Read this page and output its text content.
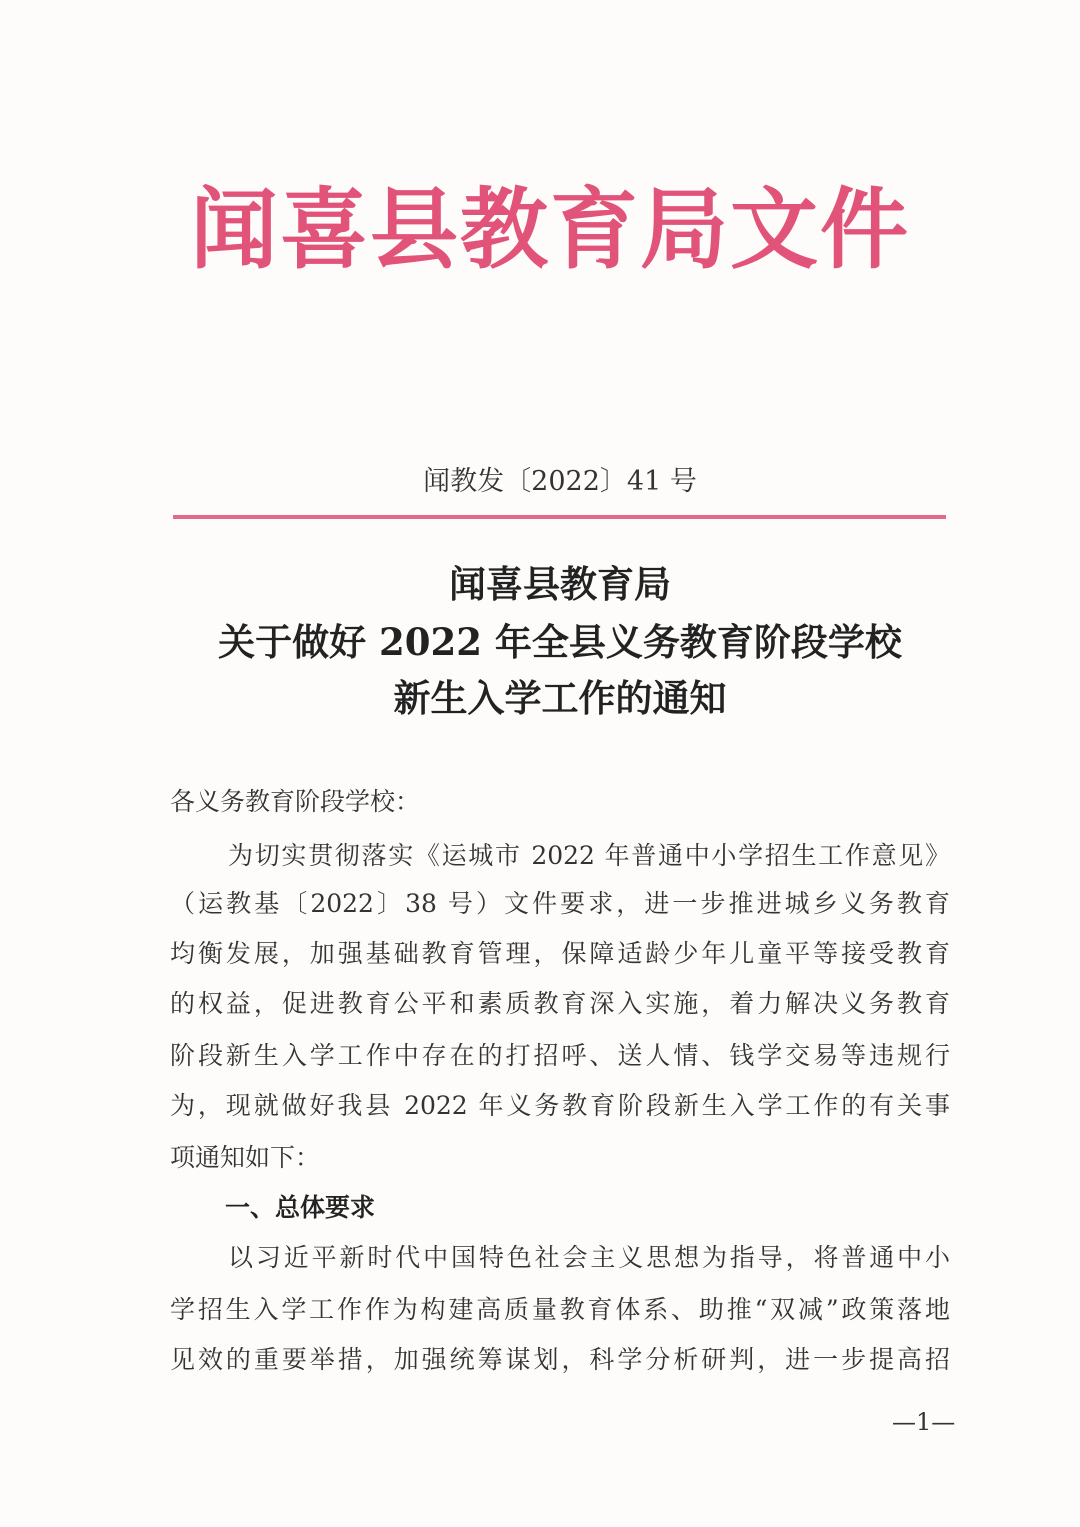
闻喜县教育局文件
闻教发〔2022〕41 号
闻喜县教育局
关于做好 2022 年全县义务教育阶段学校
新生入学工作的通知
各义务教育阶段学校：
为切实贯彻落实《运城市 2022 年普通中小学招生工作意见》
（运教基〔2022〕38 号）文件要求，进一步推进城乡义务教育
均衡发展，加强基础教育管理，保障适龄少年儿童平等接受教育
的权益，促进教育公平和素质教育深入实施，着力解决义务教育
阶段新生入学工作中存在的打招呼、送人情、钱学交易等违规行
为，现就做好我县 2022 年义务教育阶段新生入学工作的有关事
项通知如下：
一、总体要求
以习近平新时代中国特色社会主义思想为指导，将普通中小
学招生入学工作作为构建高质量教育体系、助推“双减”政策落地
见效的重要举措，加强统筹谋划，科学分析研判，进一步提高招
—1—
